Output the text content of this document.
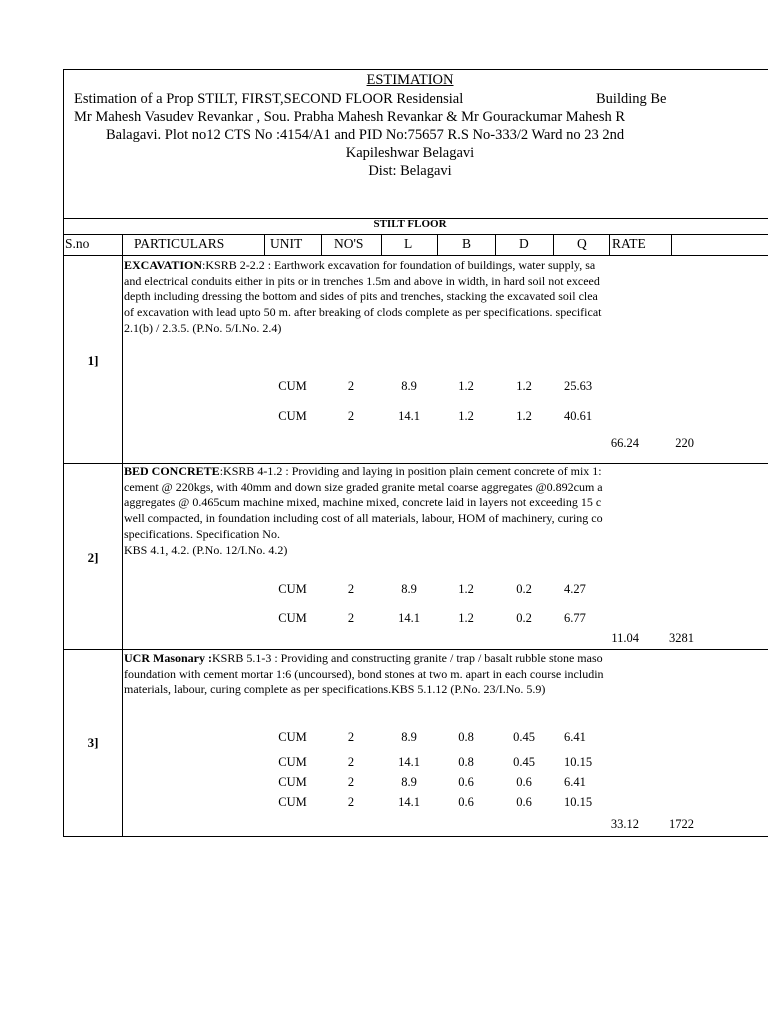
ESTIMATION
Estimation of a Prop STILT, FIRST,SECOND FLOOR Residensial	Building Be
Mr Mahesh Vasudev Revankar , Sou. Prabha Mahesh Revankar & Mr Gourackumar Mahesh R
Balagavi. Plot no12 CTS No :4154/A1 and PID No:75657 R.S No-333/2 Ward no 23 2nd
Kapileshwar Belagavi
Dist: Belagavi
STILT FLOOR
S.no	PARTICULARS	UNIT NO'S	L	B	D	Q RATE
1]
EXCAVATION:KSRB 2-2.2 : Earthwork excavation for foundation of buildings, water supply, sa
and electrical conduits either in pits or in trenches 1.5m and above in width, in hard soil not exceed
depth including dressing the bottom and sides of pits and trenches, stacking the excavated soil clea
of excavation with lead upto 50 m. after breaking of clods complete as per specifications. specificat
2.1(b) / 2.3.5. (P.No. 5/I.No. 2.4)
CUM	2	8.9	1.2	1.2	25.63
CUM	2	14.1	1.2	1.2	40.61
66.24	220
2]
BED CONCRETE:KSRB 4-1.2 : Providing and laying in position plain cement concrete of mix 1:
cement @ 220kgs, with 40mm and down size graded granite metal coarse aggregates @0.892cum a
aggregates @ 0.465cum machine mixed, machine mixed, concrete laid in layers not exceeding 15 c
well compacted, in foundation including cost of all materials, labour, HOM of machinery, curing co
specifications. Specification No.
KBS 4.1, 4.2. (P.No. 12/I.No. 4.2)
CUM	2	8.9	1.2	0.2	4.27
CUM	2	14.1	1.2	0.2	6.77
11.04	3281
3]
UCR Masonary :KSRB 5.1-3 : Providing and constructing granite / trap / basalt rubble stone maso
foundation with cement mortar 1:6 (uncoursed), bond stones at two m. apart in each course includin
materials, labour, curing complete as per specifications.KBS 5.1.12 (P.No. 23/I.No. 5.9)
CUM	2	8.9	0.8	0.45	6.41
CUM	2	14.1	0.8	0.45	10.15
CUM	2	8.9	0.6	0.6	6.41
CUM	2	14.1	0.6	0.6	10.15
33.12	1722
